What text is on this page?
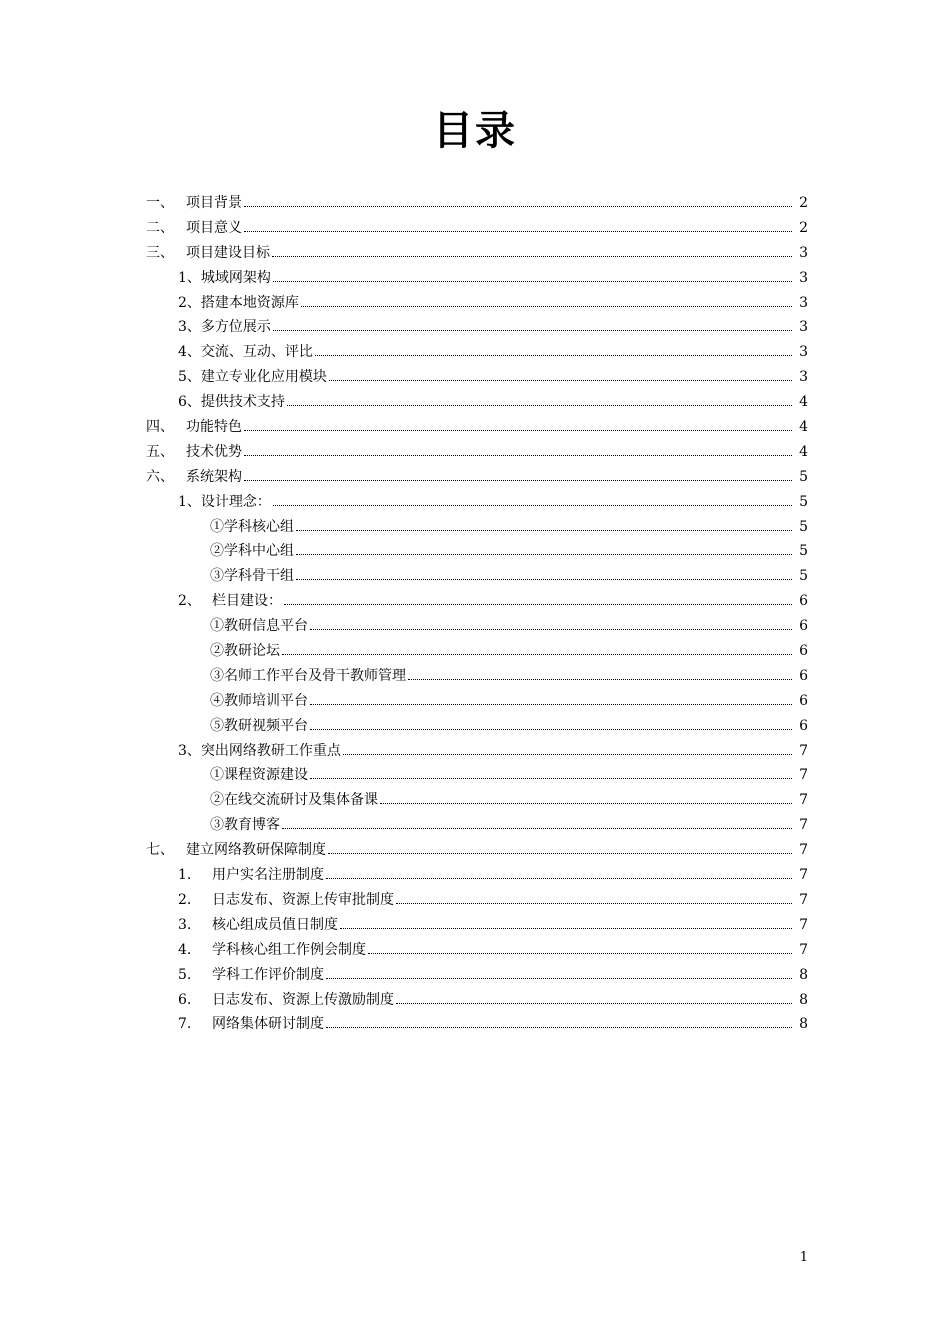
目录
一、 项目背景	2
二、 项目意义	2
三、 项目建设目标	3
1、城域网架构	3
2、搭建本地资源库	3
3、多方位展示	3
4、交流、互动、评比	3
5、建立专业化应用模块	3
6、提供技术支持	4
四、 功能特色	4
五、 技术优势	4
六、 系统架构	5
1、设计理念：	5
①学科核心组	5
②学科中心组	5
③学科骨干组	5
2、 栏目建设：	6
①教研信息平台	6
②教研论坛	6
③名师工作平台及骨干教师管理	6
④教师培训平台	6
⑤教研视频平台	6
3、突出网络教研工作重点	7
①课程资源建设	7
②在线交流研讨及集体备课	7
③教育博客	7
七、 建立网络教研保障制度	7
1.	用户实名注册制度	7
2.	日志发布、资源上传审批制度	7
3.	核心组成员值日制度	7
4.	学科核心组工作例会制度	7
5.	学科工作评价制度	8
6.	日志发布、资源上传激励制度	8
7.	网络集体研讨制度	8
1
